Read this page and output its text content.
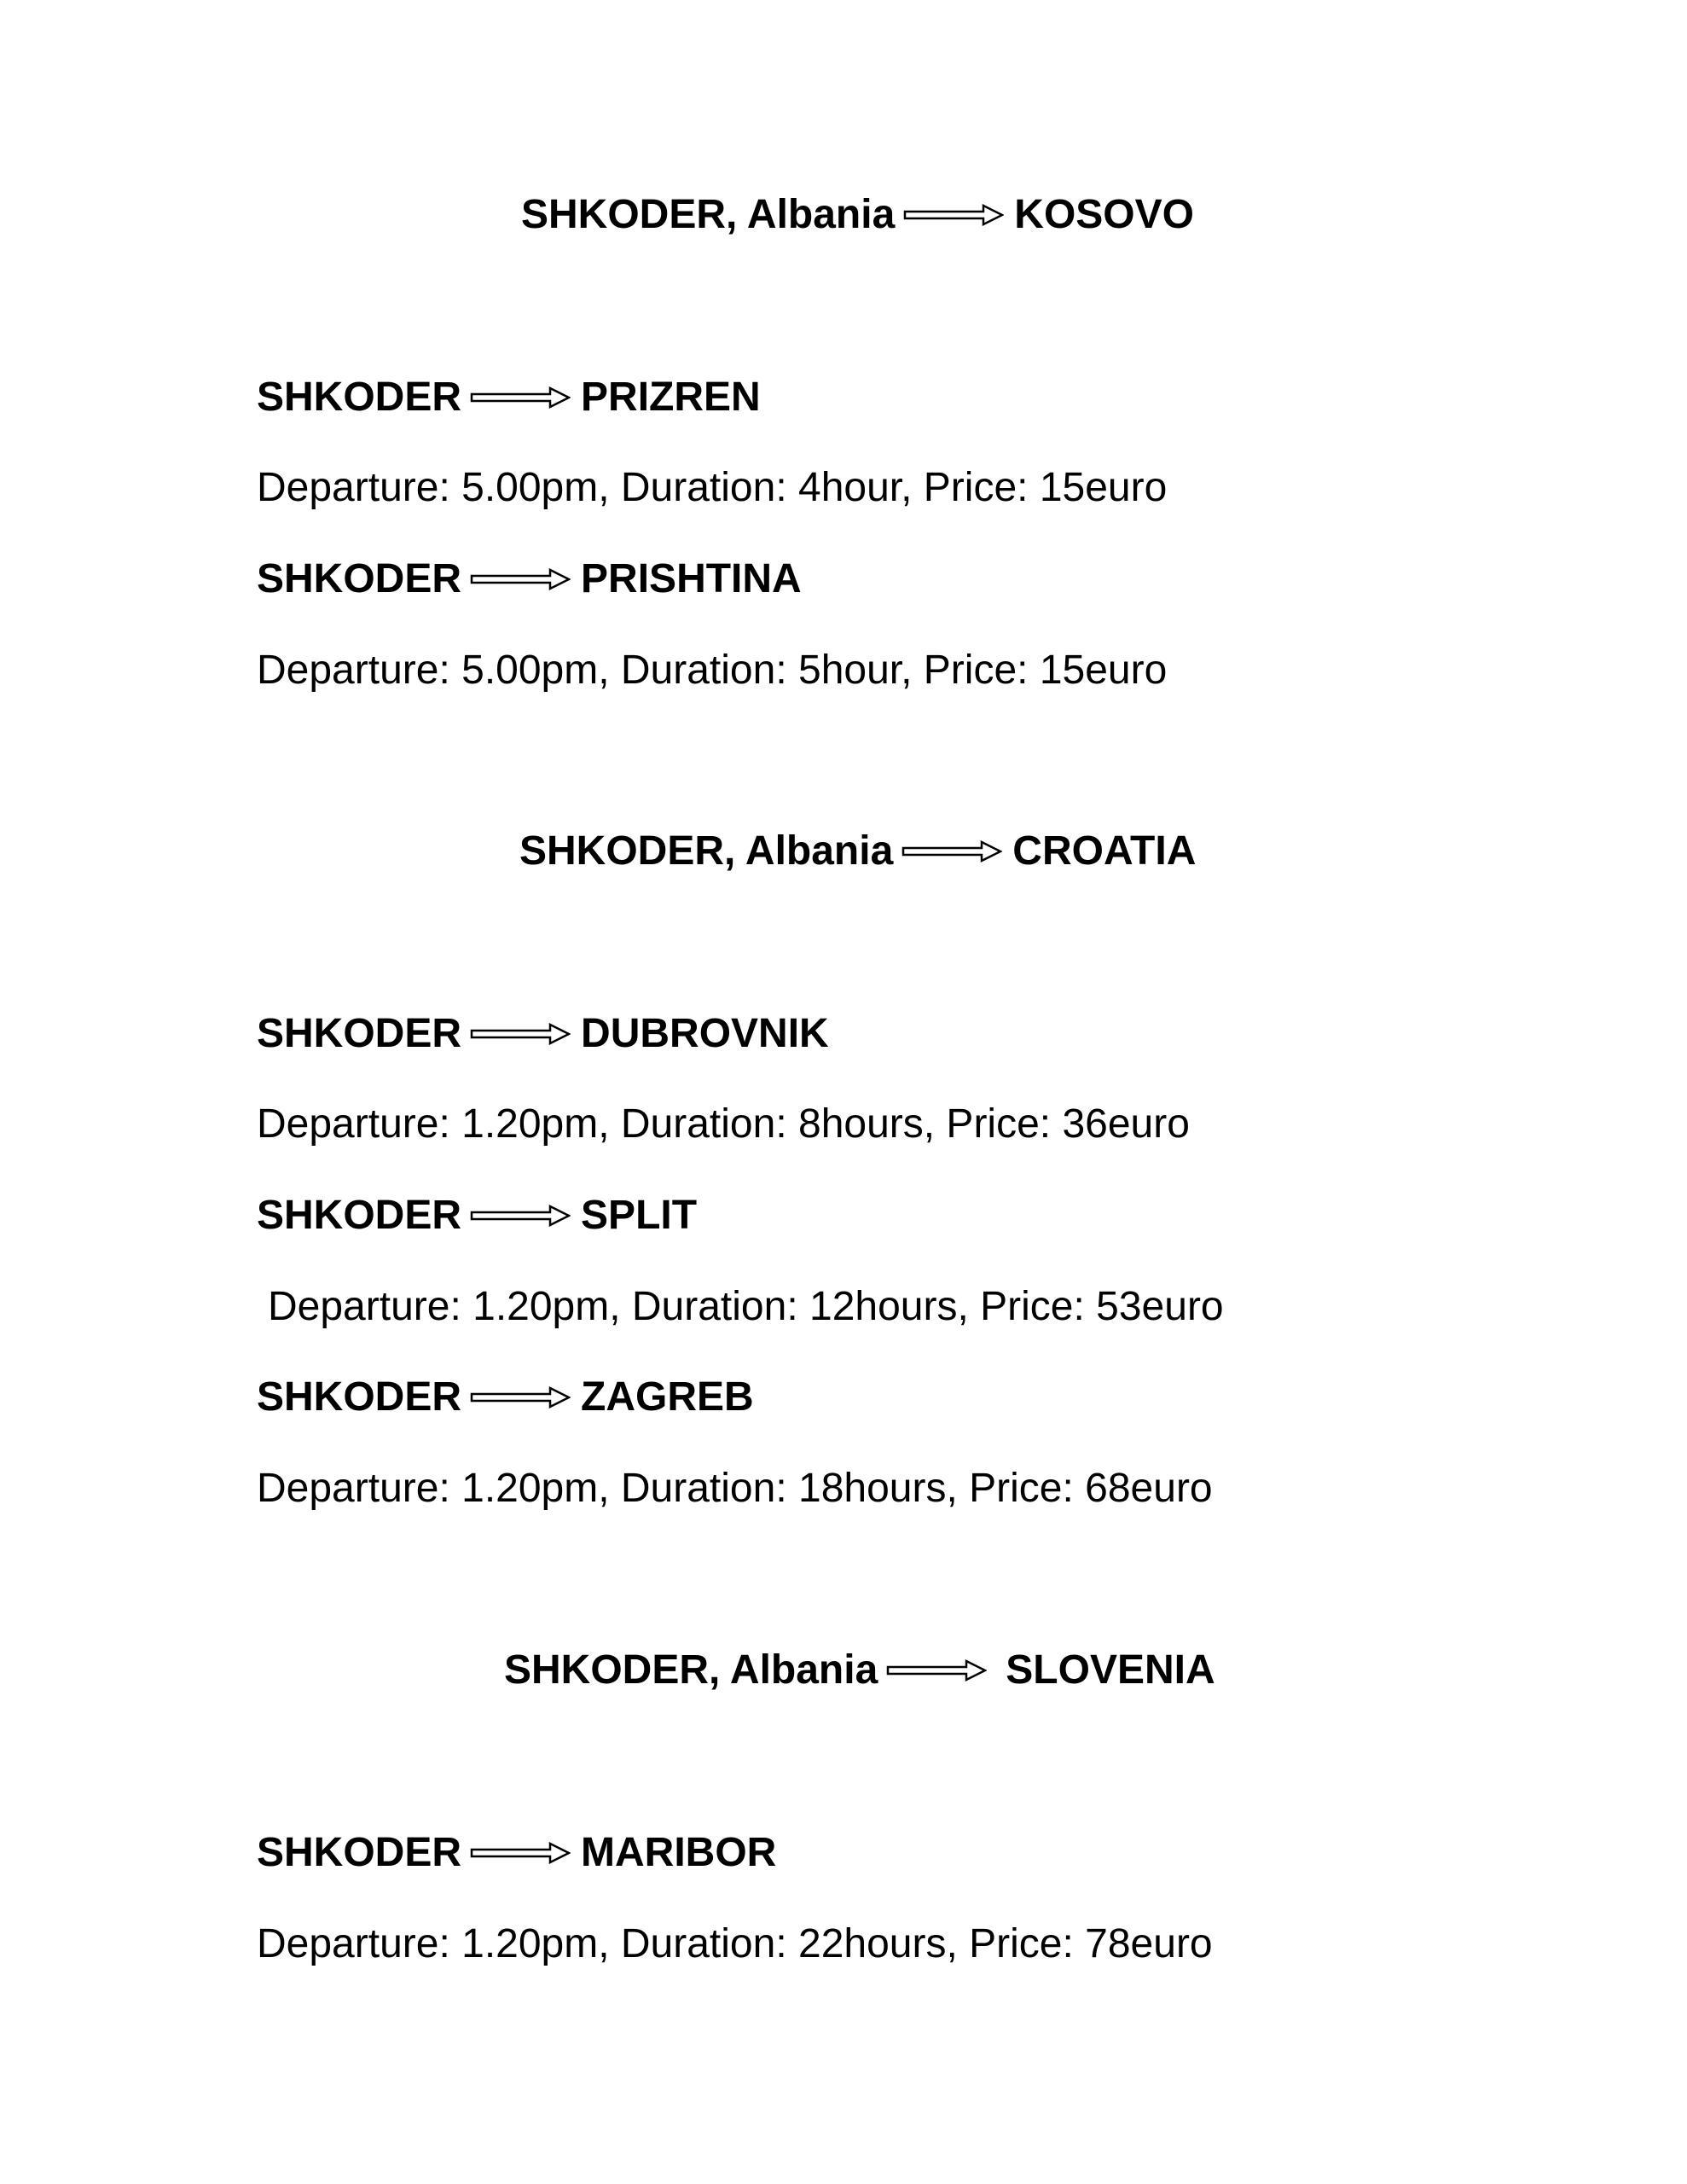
SHKODER, Albania	KOSOVO
SHKODER	PRIZREN
Departure: 5.00pm, Duration: 4hour, Price: 15euro
SHKODER	PRISHTINA
Departure: 5.00pm, Duration: 5hour, Price: 15euro
SHKODER, Albania	CROATIA
SHKODER	DUBROVNIK
Departure: 1.20pm, Duration: 8hours, Price: 36euro
SHKODER	SPLIT
Departure: 1.20pm, Duration: 12hours, Price: 53euro
SHKODER	ZAGREB
Departure: 1.20pm, Duration: 18hours, Price: 68euro
SHKODER, Albania	SLOVENIA
SHKODER	MARIBOR
Departure: 1.20pm, Duration: 22hours, Price: 78euro
